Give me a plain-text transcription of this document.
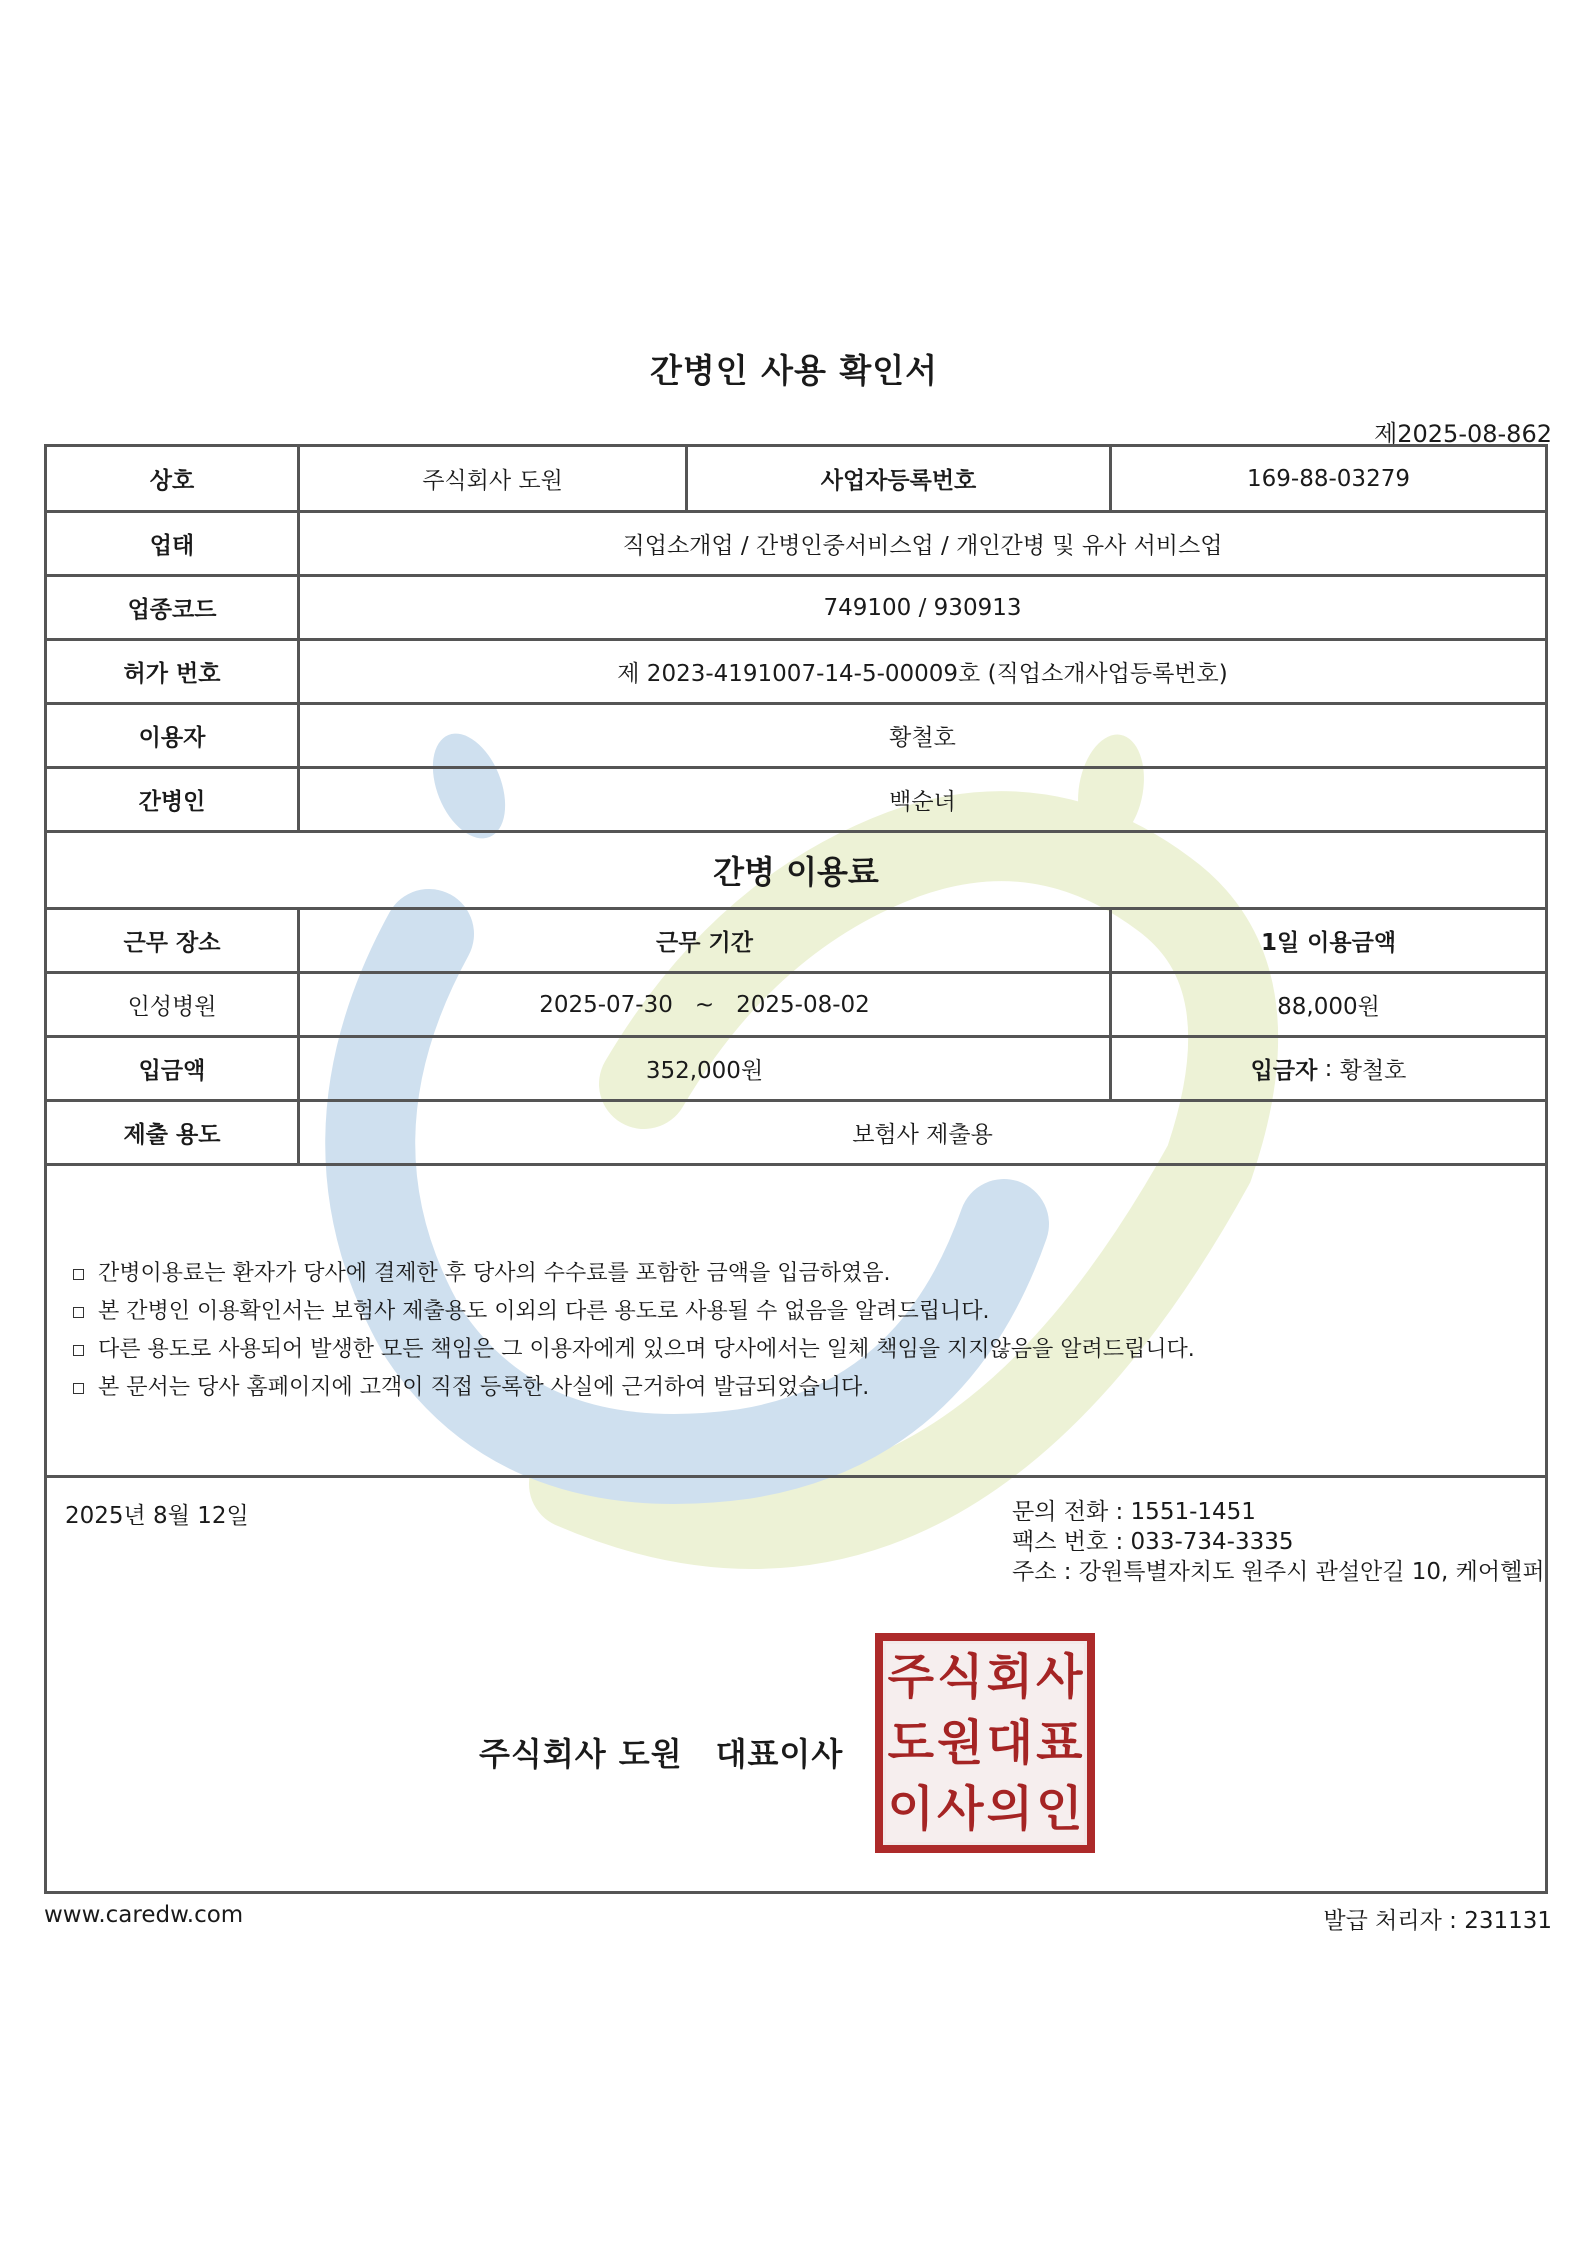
간병인 사용 확인서
제2025-08-862
상호	주식회사 도원	사업자등록번호	169-88-03279
업태	직업소개업 / 간병인중서비스업 / 개인간병 및 유사 서비스업
업종코드	749100 / 930913
허가 번호	제 2023-4191007-14-5-00009호 (직업소개사업등록번호)
이용자	황철호
간병인	백순녀
간병 이용료
근무 장소	근무 기간	1일 이용금액
인성병원	2025-07-30 ~ 2025-08-02	88,000원
입금액	352,000원	입금자 : 황철호
제출 용도	보험사 제출용
간병이용료는 환자가 당사에 결제한 후 당사의 수수료를 포함한 금액을 입금하였음.
본 간병인 이용확인서는 보험사 제출용도 이외의 다른 용도로 사용될 수 없음을 알려드립니다.
다른 용도로 사용되어 발생한 모든 책임은 그 이용자에게 있으며 당사에서는 일체 책임을 지지않음을 알려드립니다.
본 문서는 당사 홈페이지에 고객이 직접 등록한 사실에 근거하여 발급되었습니다.
2025년 8월 12일	문의 전화 : 1551-1451
팩스 번호 : 033-734-3335
주소 : 강원특별자치도 원주시 관설안길 10, 케어헬퍼
주식회사 도원　대표이사
주 식 회 사
도 원 대 표
이 사 의 인
www.caredw.com	발급 처리자 : 231131
